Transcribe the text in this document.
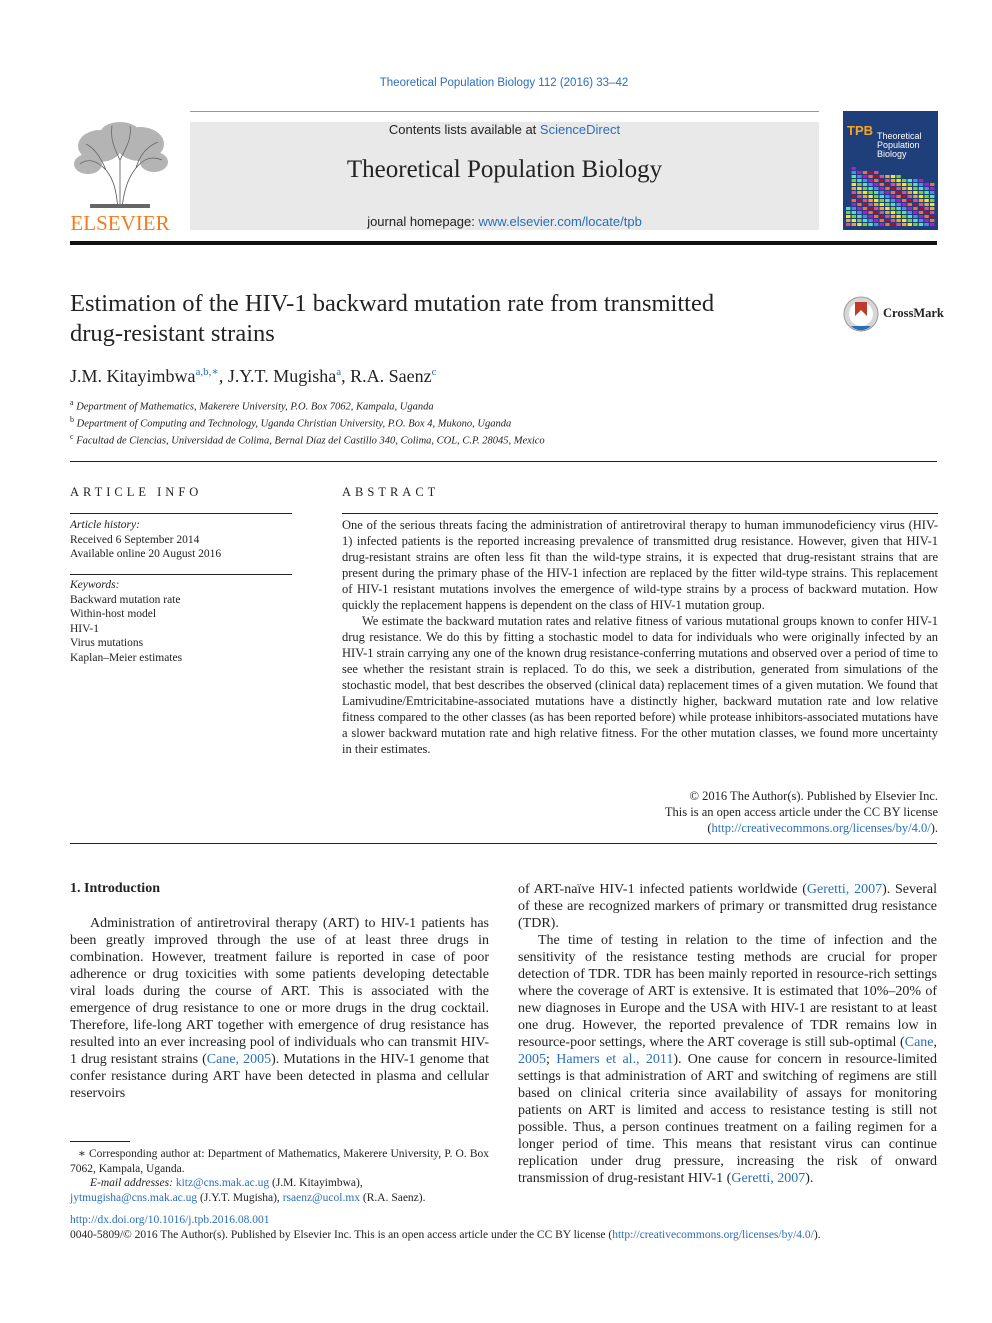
Theoretical Population Biology 112 (2016) 33–42
ELSEVIER
Contents lists available at ScienceDirect
Theoretical Population Biology
journal homepage: www.elsevier.com/locate/tpb
TPB Theoretical
Population
Biology
Estimation of the HIV-1 backward mutation rate from transmitted
drug-resistant strains
CrossMark
J.M. Kitayimbwa$^{a,b,∗}$, J.Y.T. Mugisha$^a$, R.A. Saenz$^c$
$^a$ Department of Mathematics, Makerere University, P.O. Box 7062, Kampala, Uganda
$^b$ Department of Computing and Technology, Uganda Christian University, P.O. Box 4, Mukono, Uganda
$^c$ Facultad de Ciencias, Universidad de Colima, Bernal Díaz del Castillo 340, Colima, COL, C.P. 28045, Mexico
ARTICLE INFO
Article history:
Received 6 September 2014
Available online 20 August 2016
Keywords:
Backward mutation rate
Within-host model
HIV-1
Virus mutations
Kaplan–Meier estimates
ABSTRACT

One of the serious threats facing the administration of antiretroviral therapy to human immunodeficiency virus (HIV-1) infected patients is the reported increasing prevalence of transmitted drug resistance. However, given that HIV-1 drug-resistant strains are often less fit than the wild-type strains, it is expected that drug-resistant strains that are present during the primary phase of the HIV-1 infection are replaced by the fitter wild-type strains. This replacement of HIV-1 resistant mutations involves the emergence of wild-type strains by a process of backward mutation. How quickly the replacement happens is dependent on the class of HIV-1 mutation group.

We estimate the backward mutation rates and relative fitness of various mutational groups known to confer HIV-1 drug resistance. We do this by fitting a stochastic model to data for individuals who were originally infected by an HIV-1 strain carrying any one of the known drug resistance-conferring mutations and observed over a period of time to see whether the resistant strain is replaced. To do this, we seek a distribution, generated from simulations of the stochastic model, that best describes the observed (clinical data) replacement times of a given mutation. We found that Lamivudine/Emtricitabine-associated mutations have a distinctly higher, backward mutation rate and low relative fitness compared to the other classes (as has been reported before) while protease inhibitors-associated mutations have a slower backward mutation rate and high relative fitness. For the other mutation classes, we found more uncertainty in their estimates.

© 2016 The Author(s). Published by Elsevier Inc.
This is an open access article under the CC BY license
(http://creativecommons.org/licenses/by/4.0/).
1. Introduction

Administration of antiretroviral therapy (ART) to HIV-1 patients has been greatly improved through the use of at least three drugs in combination. However, treatment failure is reported in case of poor adherence or drug toxicities with some patients developing detectable viral loads during the course of ART. This is associated with the emergence of drug resistance to one or more drugs in the drug cocktail. Therefore, life-long ART together with emergence of drug resistance has resulted into an ever increasing pool of individuals who can transmit HIV-1 drug resistant strains (Cane, 2005). Mutations in the HIV-1 genome that confer resistance during ART have been detected in plasma and cellular reservoirs

of ART-naïve HIV-1 infected patients worldwide (Geretti, 2007). Several of these are recognized markers of primary or transmitted drug resistance (TDR).

The time of testing in relation to the time of infection and the sensitivity of the resistance testing methods are crucial for proper detection of TDR. TDR has been mainly reported in resource-rich settings where the coverage of ART is extensive. It is estimated that 10%–20% of new diagnoses in Europe and the USA with HIV-1 are resistant to at least one drug. However, the reported prevalence of TDR remains low in resource-poor settings, where the ART coverage is still sub-optimal (Cane, 2005; Hamers et al., 2011). One cause for concern in resource-limited settings is that administration of ART and switching of regimens are still based on clinical criteria since availability of assays for monitoring patients on ART is limited and access to resistance testing is still not possible. Thus, a person continues treatment on a failing regimen for a longer period of time. This means that resistant virus can continue replication under drug pressure, increasing the risk of onward transmission of drug-resistant HIV-1 (Geretti, 2007).

∗ Corresponding author at: Department of Mathematics, Makerere University, P. O. Box 7062, Kampala, Uganda.
E-mail addresses: kitz@cns.mak.ac.ug (J.M. Kitayimbwa),
jytmugisha@cns.mak.ac.ug (J.Y.T. Mugisha), rsaenz@ucol.mx (R.A. Saenz).
http://dx.doi.org/10.1016/j.tpb.2016.08.001
0040-5809/© 2016 The Author(s). Published by Elsevier Inc. This is an open access article under the CC BY license (http://creativecommons.org/licenses/by/4.0/).
